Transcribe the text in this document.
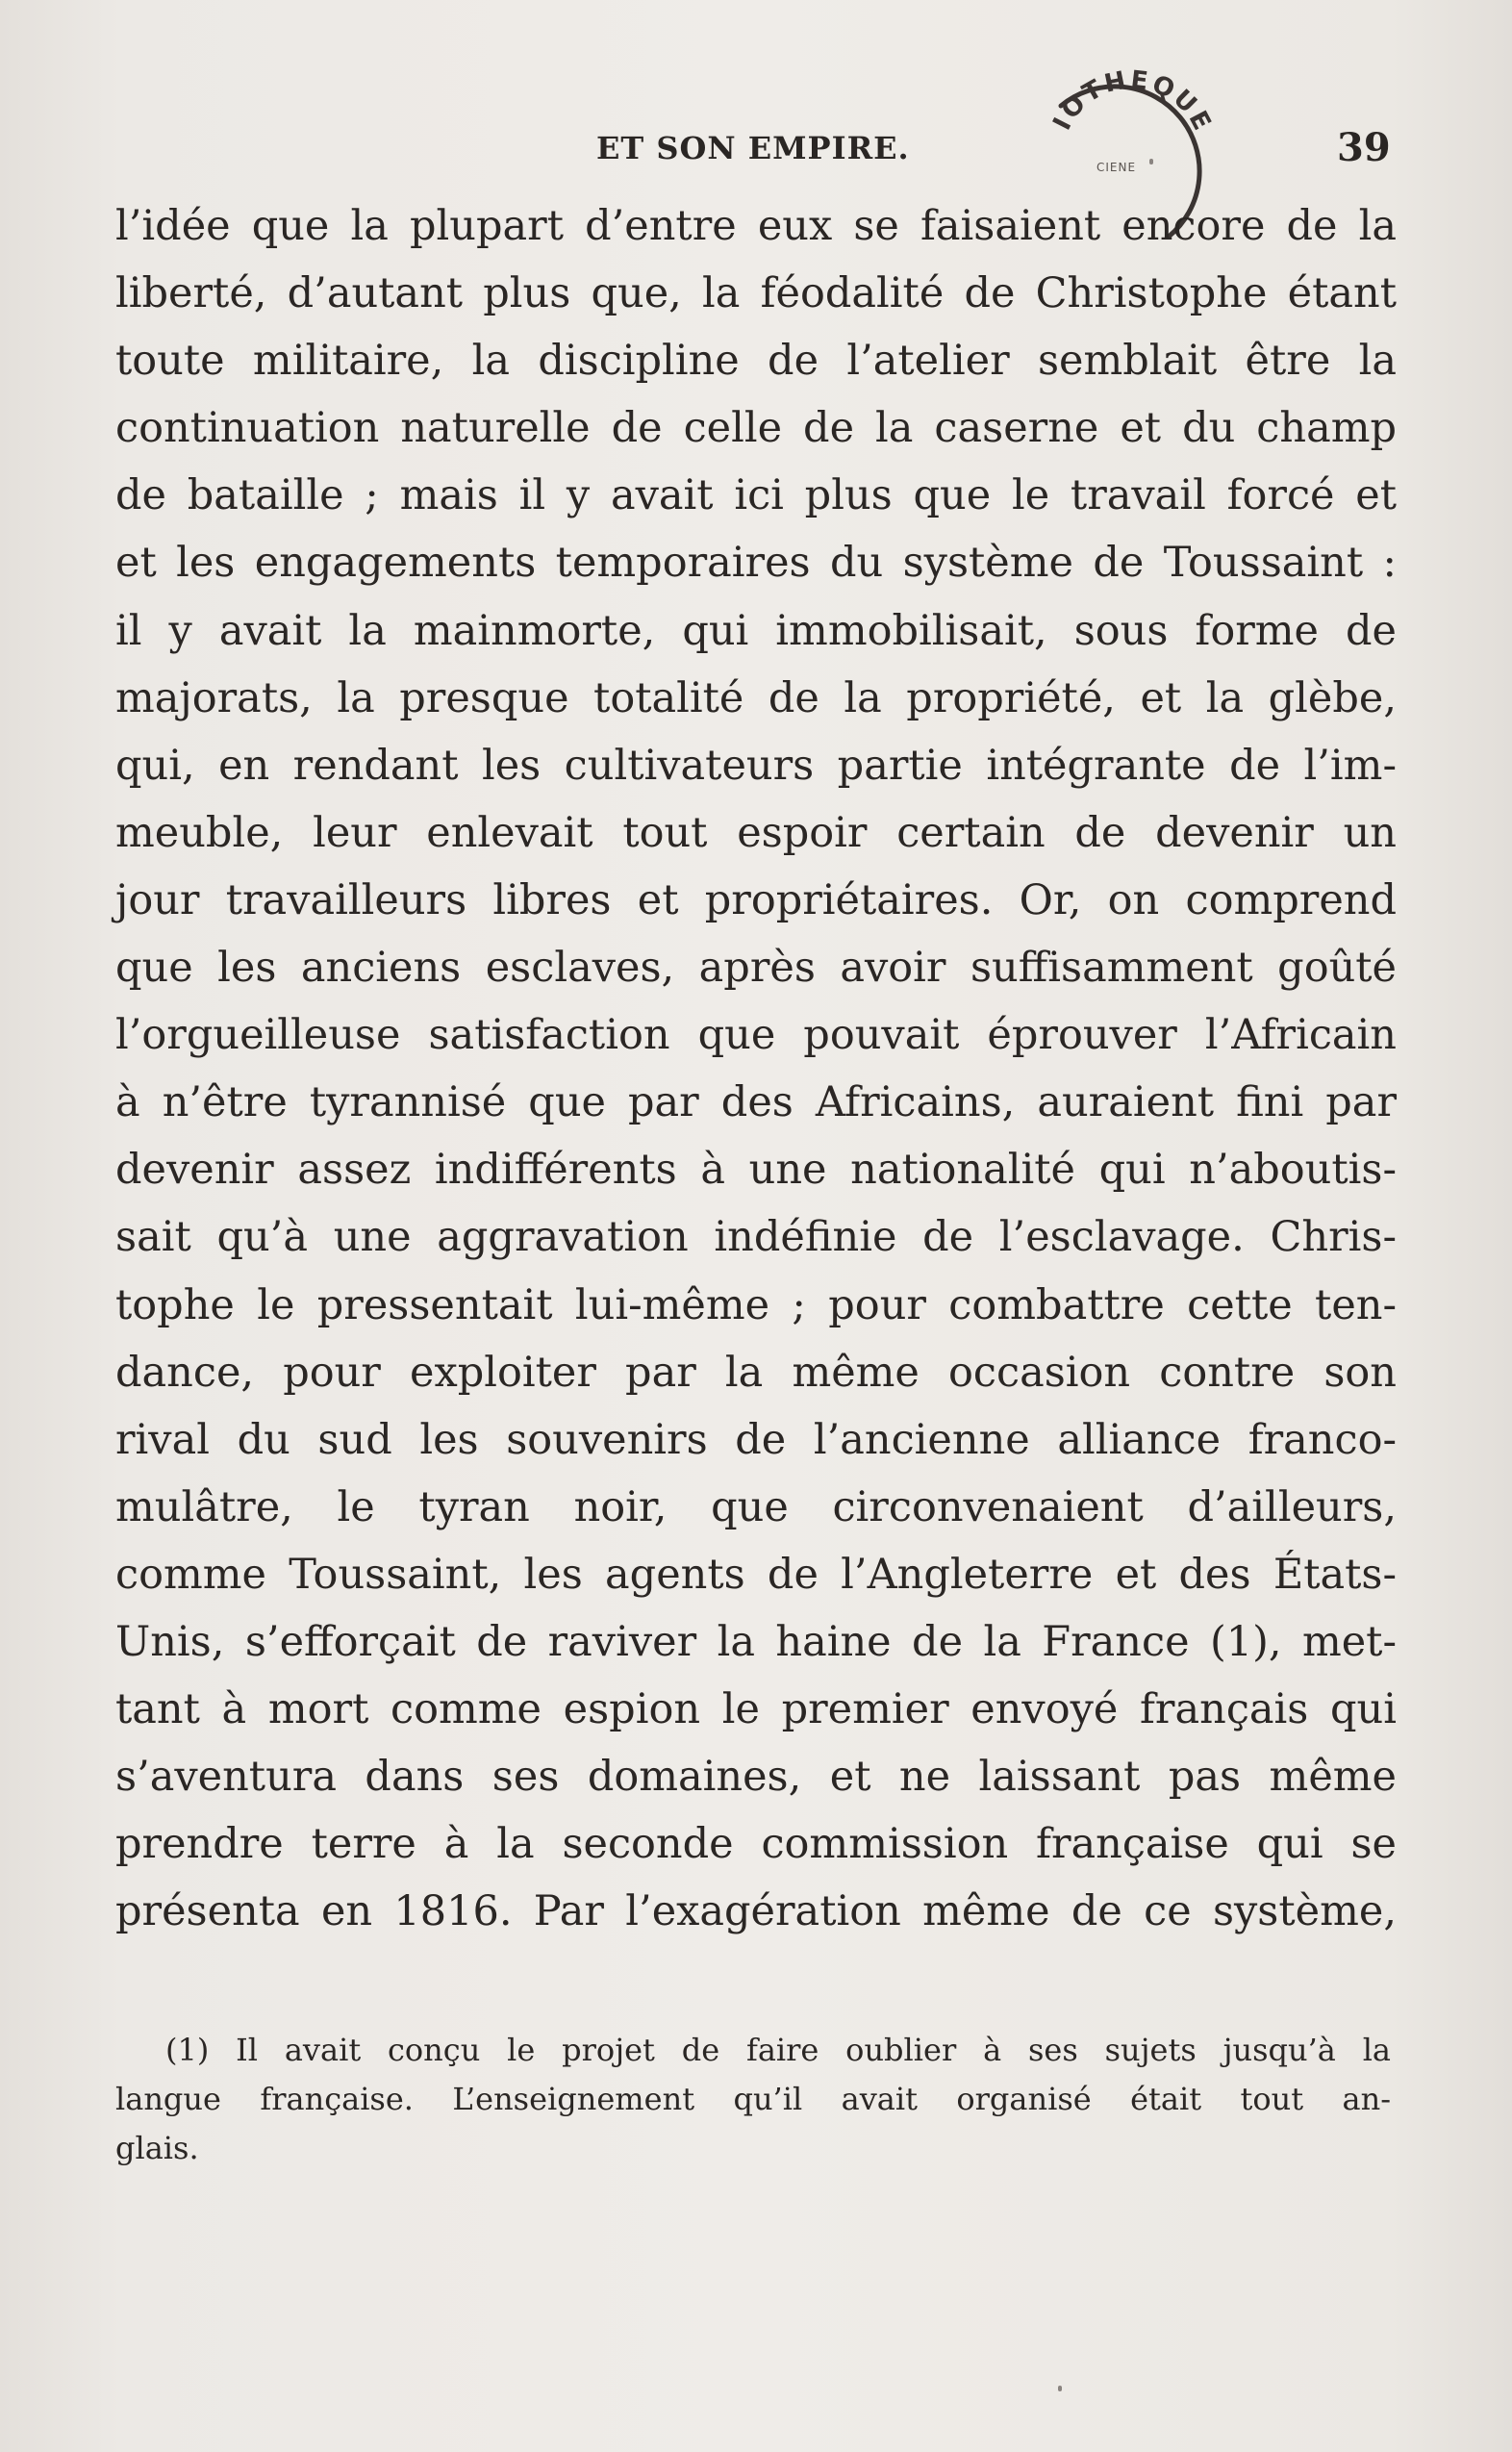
ET SON EMPIRE.	39
IOTHEQUE
CIENE
l’idée que la plupart d’entre eux se faisaient encore de la
liberté, d’autant plus que, la féodalité de Christophe étant
toute militaire, la discipline de l’atelier semblait être la
continuation naturelle de celle de la caserne et du champ
de bataille ; mais il y avait ici plus que le travail forcé et
et les engagements temporaires du système de Toussaint :
il y avait la mainmorte, qui immobilisait, sous forme de
majorats, la presque totalité de la propriété, et la glèbe,
qui, en rendant les cultivateurs partie intégrante de l’im-
meuble, leur enlevait tout espoir certain de devenir un
jour travailleurs libres et propriétaires. Or, on comprend
que les anciens esclaves, après avoir suffisamment goûté
l’orgueilleuse satisfaction que pouvait éprouver l’Africain
à n’être tyrannisé que par des Africains, auraient fini par
devenir assez indifférents à une nationalité qui n’aboutis-
sait qu’à une aggravation indéfinie de l’esclavage. Chris-
tophe le pressentait lui-même ; pour combattre cette ten-
dance, pour exploiter par la même occasion contre son
rival du sud les souvenirs de l’ancienne alliance franco-
mulâtre, le tyran noir, que circonvenaient d’ailleurs,
comme Toussaint, les agents de l’Angleterre et des États-
Unis, s’efforçait de raviver la haine de la France (1), met-
tant à mort comme espion le premier envoyé français qui
s’aventura dans ses domaines, et ne laissant pas même
prendre terre à la seconde commission française qui se
présenta en 1816. Par l’exagération même de ce système,
(1) Il avait conçu le projet de faire oublier à ses sujets jusqu’à la
langue française. L’enseignement qu’il avait organisé était tout an-
glais.
